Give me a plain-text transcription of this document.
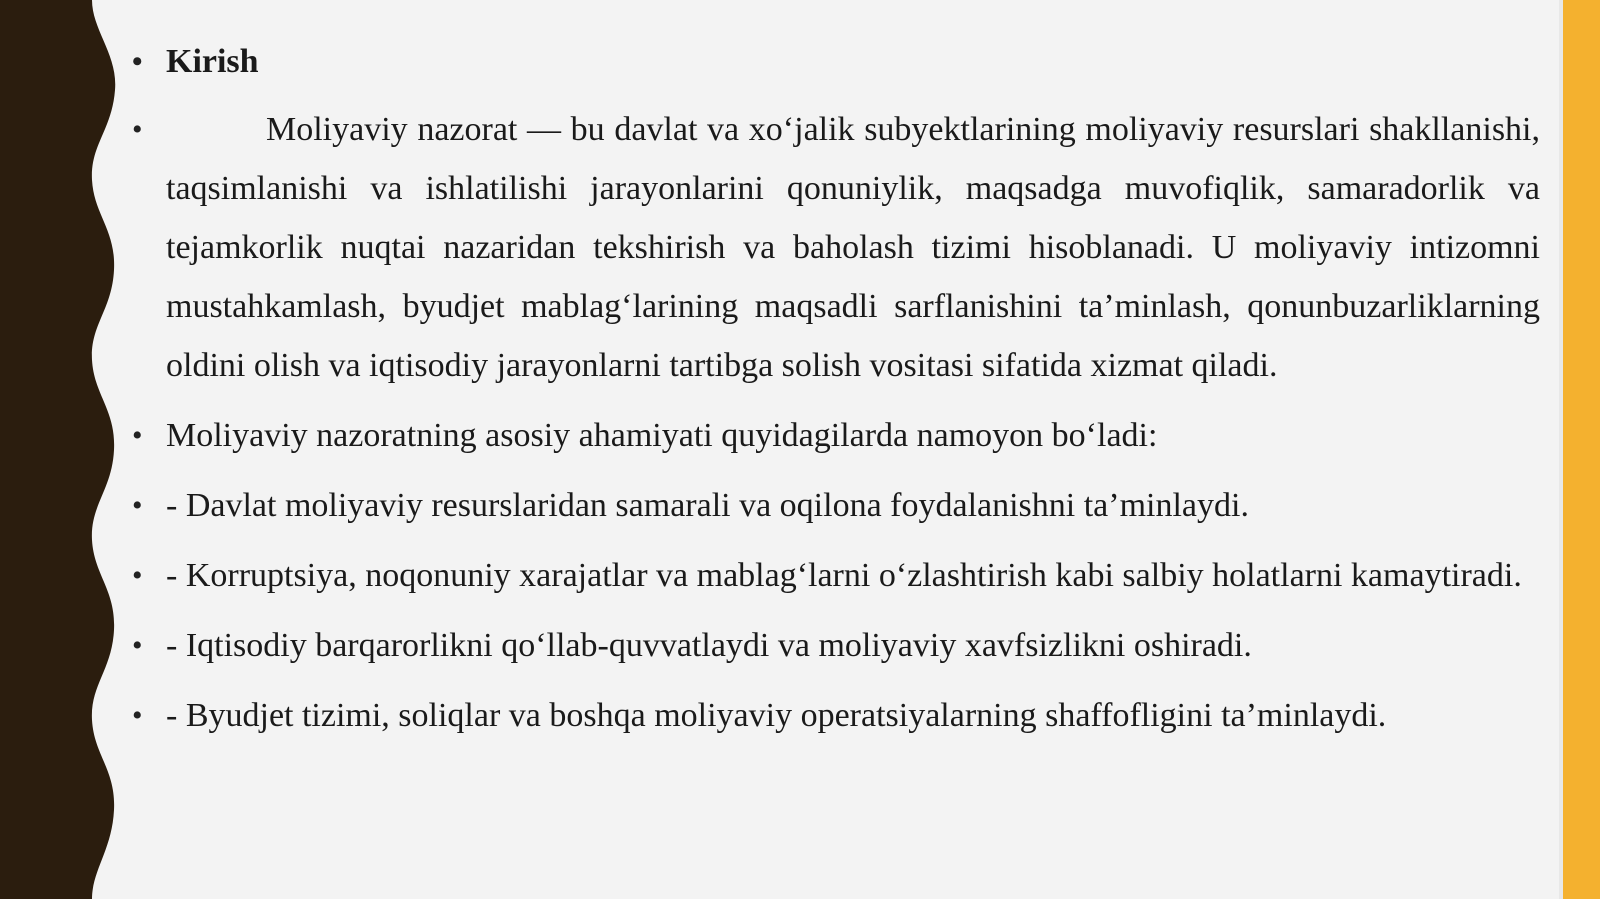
• Kirish
•	Moliyaviy nazorat — bu davlat va xo‘jalik subyektlarining moliyaviy resurslari shakllanishi, taqsimlanishi va ishlatilishi jarayonlarini qonuniylik, maqsadga muvofiqlik, samaradorlik va tejamkorlik nuqtai nazaridan tekshirish va baholash tizimi hisoblanadi. U moliyaviy intizomni mustahkamlash, byudjet mablag‘larining maqsadli sarflanishini ta’minlash, qonunbuzarliklarning oldini olish va iqtisodiy jarayonlarni tartibga solish vositasi sifatida xizmat qiladi.
• Moliyaviy nazoratning asosiy ahamiyati quyidagilarda namoyon bo‘ladi:
• - Davlat moliyaviy resurslaridan samarali va oqilona foydalanishni ta’minlaydi.
• - Korruptsiya, noqonuniy xarajatlar va mablag‘larni o‘zlashtirish kabi salbiy holatlarni kamaytiradi.
• - Iqtisodiy barqarorlikni qo‘llab-quvvatlaydi va moliyaviy xavfsizlikni oshiradi.
• - Byudjet tizimi, soliqlar va boshqa moliyaviy operatsiyalarning shaffofligini ta’minlaydi.
